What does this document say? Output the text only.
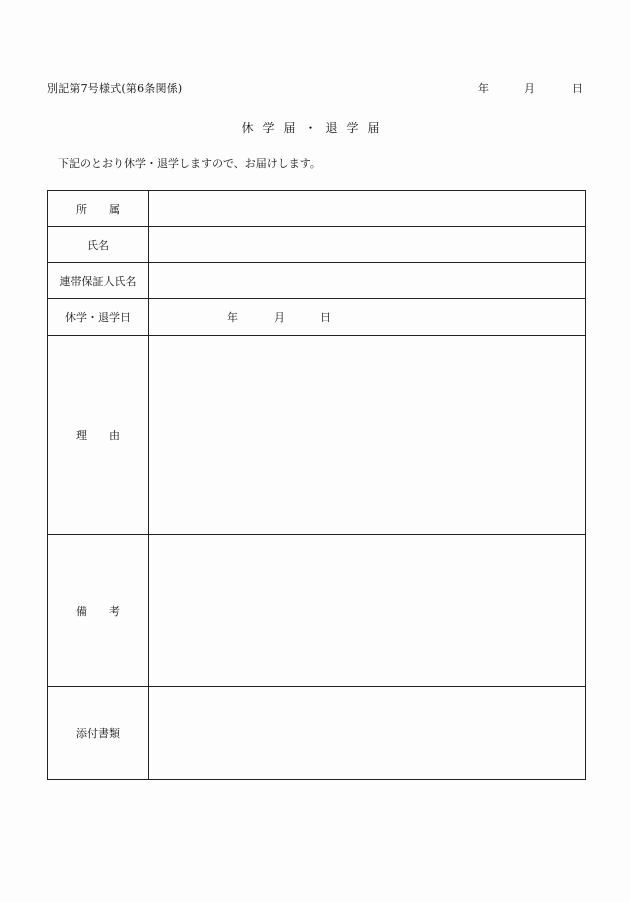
別記第7号様式(第6条関係)	年	月	日
休学届・退学届
下記のとおり休学・退学しますので、お届けします。
所　　属	
氏名	
連帯保証人氏名	
休学・退学日	年 月 日

理　　由	
備　　考	
添付書類	
